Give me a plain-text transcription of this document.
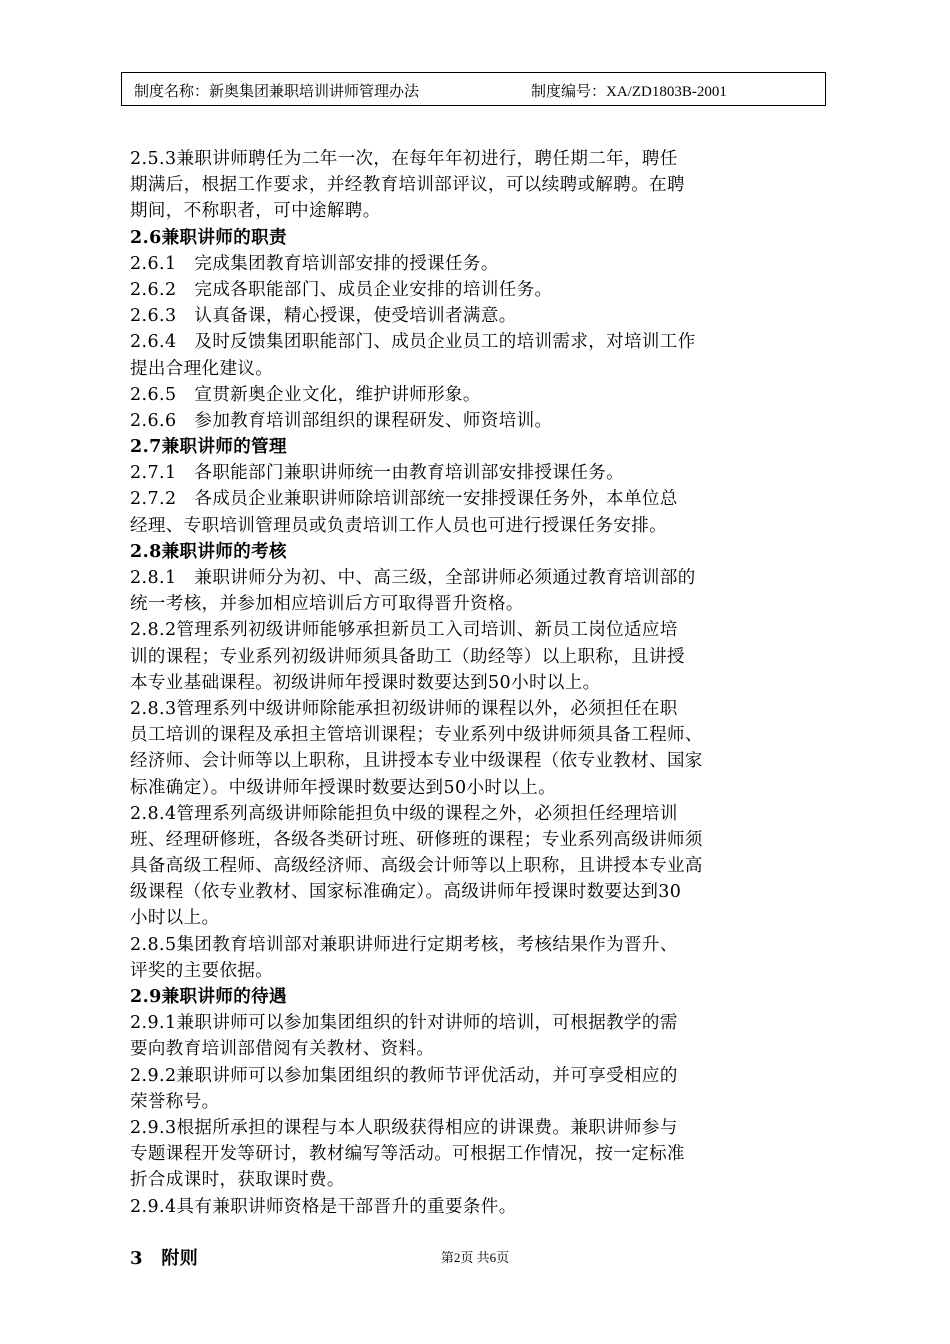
制度名称：新奥集团兼职培训讲师管理办法	制度编号：XA/ZD1803B-2001
2.5.3兼职讲师聘任为二年一次，在每年年初进行，聘任期二年，聘任
期满后，根据工作要求，并经教育培训部评议，可以续聘或解聘。在聘
期间，不称职者，可中途解聘。
2.6兼职讲师的职责
2.6.1　完成集团教育培训部安排的授课任务。
2.6.2　完成各职能部门、成员企业安排的培训任务。
2.6.3　认真备课，精心授课，使受培训者满意。
2.6.4　及时反馈集团职能部门、成员企业员工的培训需求，对培训工作
提出合理化建议。
2.6.5　宣贯新奥企业文化，维护讲师形象。
2.6.6　参加教育培训部组织的课程研发、师资培训。
2.7兼职讲师的管理
2.7.1　各职能部门兼职讲师统一由教育培训部安排授课任务。
2.7.2　各成员企业兼职讲师除培训部统一安排授课任务外，本单位总
经理、专职培训管理员或负责培训工作人员也可进行授课任务安排。
2.8兼职讲师的考核
2.8.1　兼职讲师分为初、中、高三级，全部讲师必须通过教育培训部的
统一考核，并参加相应培训后方可取得晋升资格。
2.8.2管理系列初级讲师能够承担新员工入司培训、新员工岗位适应培
训的课程；专业系列初级讲师须具备助工（助经等）以上职称，且讲授
本专业基础课程。初级讲师年授课时数要达到50小时以上。
2.8.3管理系列中级讲师除能承担初级讲师的课程以外，必须担任在职
员工培训的课程及承担主管培训课程；专业系列中级讲师须具备工程师、
经济师、会计师等以上职称，且讲授本专业中级课程（依专业教材、国家
标准确定）。中级讲师年授课时数要达到50小时以上。
2.8.4管理系列高级讲师除能担负中级的课程之外，必须担任经理培训
班、经理研修班，各级各类研讨班、研修班的课程；专业系列高级讲师须
具备高级工程师、高级经济师、高级会计师等以上职称，且讲授本专业高
级课程（依专业教材、国家标准确定）。高级讲师年授课时数要达到30
小时以上。
2.8.5集团教育培训部对兼职讲师进行定期考核，考核结果作为晋升、
评奖的主要依据。
2.9兼职讲师的待遇
2.9.1兼职讲师可以参加集团组织的针对讲师的培训，可根据教学的需
要向教育培训部借阅有关教材、资料。
2.9.2兼职讲师可以参加集团组织的教师节评优活动，并可享受相应的
荣誉称号。
2.9.3根据所承担的课程与本人职级获得相应的讲课费。兼职讲师参与
专题课程开发等研讨，教材编写等活动。可根据工作情况，按一定标准
折合成课时，获取课时费。
2.9.4具有兼职讲师资格是干部晋升的重要条件。
3　附则	第2页 共6页
